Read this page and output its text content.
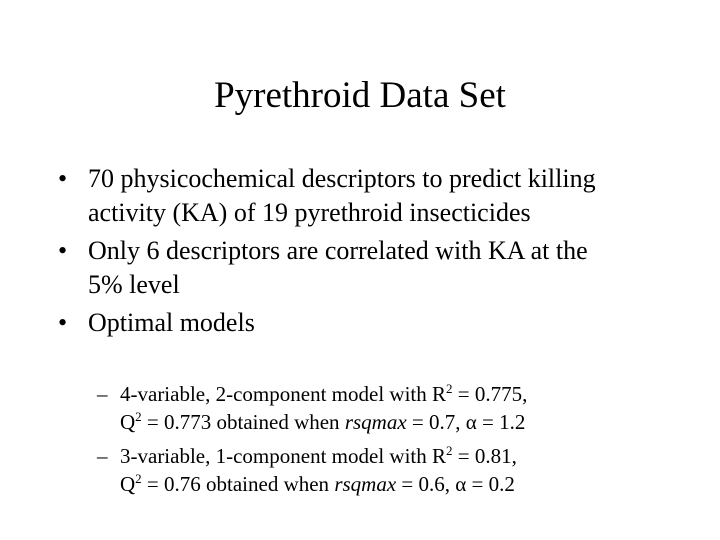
Pyrethroid Data Set
• 70 physicochemical descriptors to predict killing
activity (KA) of 19 pyrethroid insecticides
• Only 6 descriptors are correlated with KA at the
5% level
• Optimal models
– 4-variable, 2-component model with $R^2 = 0.775$,
$Q^2 = 0.773$ obtained when rsqmax = 0.7, α = 1.2
– 3-variable, 1-component model with $R^2 = 0.81$,
$Q^2 = 0.76$ obtained when rsqmax = 0.6, α = 0.2
